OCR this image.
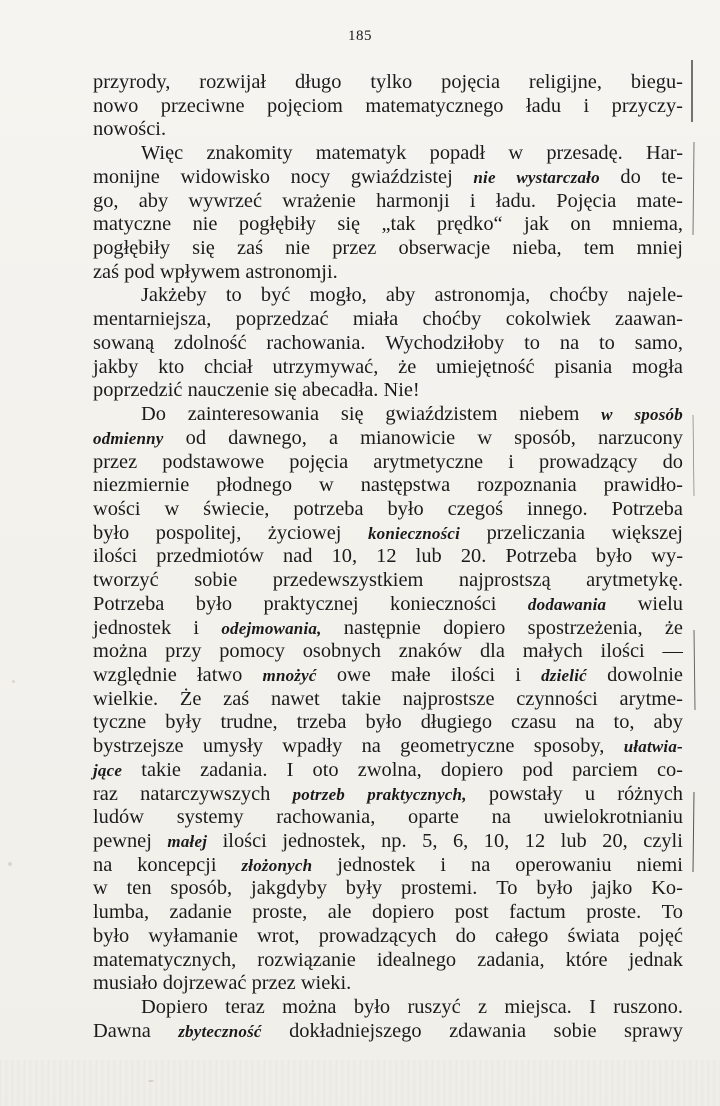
185
przyrody, rozwijał długo tylko pojęcia religijne, biegu-
nowo przeciwne pojęciom matematycznego ładu i przyczy-
nowości.
Więc znakomity matematyk popadł w przesadę. Har-
monijne widowisko nocy gwiaździstej nie wystarczało do te-
go, aby wywrzeć wrażenie harmonji i ładu. Pojęcia mate-
matyczne nie pogłębiły się „tak prędko“ jak on mniema,
pogłębiły się zaś nie przez obserwacje nieba, tem mniej
zaś
pod
wpływem
astronomji.
Jakżeby to być mogło, aby astronomja, choćby najele-
mentarniejsza, poprzedzać miała choćby cokolwiek zaawan-
sowaną zdolność rachowania. Wychodziłoby to na to samo,
jakby kto chciał utrzymywać, że umiejętność pisania mogła
poprzedzić
nauczenie
się
abecadła.
Nie!
Do zainteresowania się gwiaździstem niebem w sposób
odmienny od dawnego, a mianowicie w sposób, narzucony
przez podstawowe pojęcia arytmetyczne i prowadzący do
niezmiernie płodnego w następstwa rozpoznania prawidło-
wości w świecie, potrzeba było czegoś innego. Potrzeba
było pospolitej, życiowej konieczności przeliczania większej
ilości przedmiotów nad 10, 12 lub 20. Potrzeba było wy-
tworzyć sobie przedewszystkiem najprostszą arytmetykę.
Potrzeba było praktycznej konieczności dodawania wielu
jednostek i odejmowania, następnie dopiero spostrzeżenia, że
można przy pomocy osobnych znaków dla małych ilości —
względnie łatwo mnożyć owe małe ilości i dzielić dowolnie
wielkie. Że zaś nawet takie najprostsze czynności arytme-
tyczne były trudne, trzeba było długiego czasu na to, aby
bystrzejsze umysły wpadły na geometryczne sposoby, ułatwia-
jące takie zadania. I oto zwolna, dopiero pod parciem co-
raz natarczywszych potrzeb praktycznych, powstały u różnych
ludów systemy rachowania, oparte na uwielokrotnianiu
pewnej małej ilości jednostek, np. 5, 6, 10, 12 lub 20, czyli
na koncepcji złożonych jednostek i na operowaniu niemi
w ten sposób, jakgdyby były prostemi. To było jajko Ko-
lumba, zadanie proste, ale dopiero post factum proste. To
było wyłamanie wrot, prowadzących do całego świata pojęć
matematycznych, rozwiązanie idealnego zadania, które jednak
musiało
dojrzewać
przez
wieki.
Dopiero teraz można było ruszyć z miejsca. I ruszono.
Dawna zbyteczność dokładniejszego zdawania sobie sprawy
